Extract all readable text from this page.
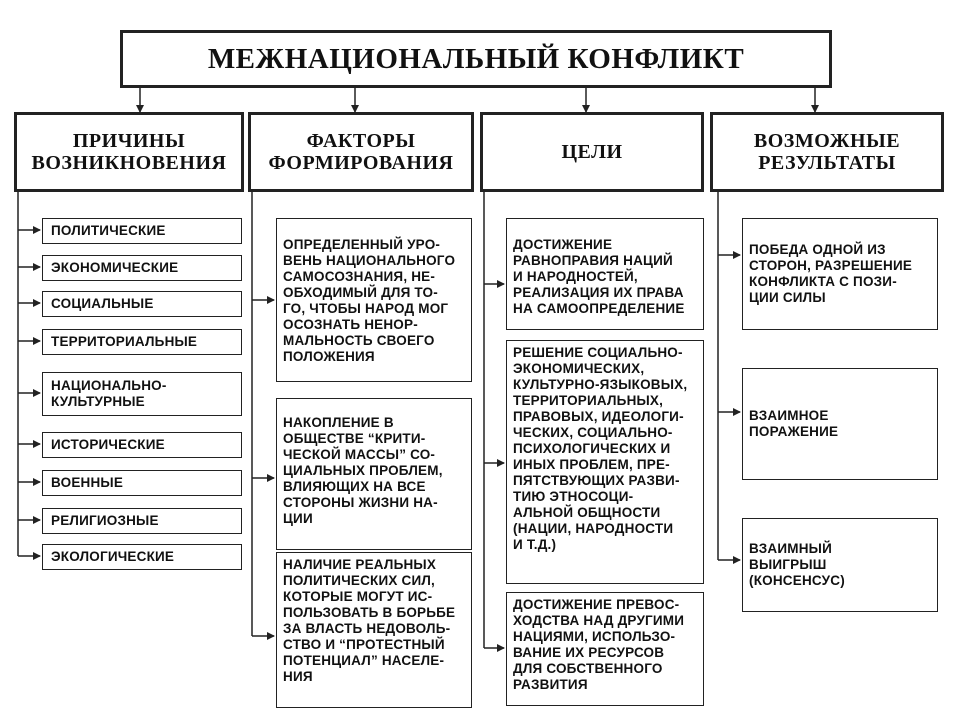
МЕЖНАЦИОНАЛЬНЫЙ КОНФЛИКТ
ПРИЧИНЫ
ВОЗНИКНОВЕНИЯ
ФАКТОРЫ
ФОРМИРОВАНИЯ	ЦЕЛИ	ВОЗМОЖНЫЕ
РЕЗУЛЬТАТЫ
ПОЛИТИЧЕСКИЕ
ЭКОНОМИЧЕСКИЕ
СОЦИАЛЬНЫЕ
ТЕРРИТОРИАЛЬНЫЕ
НАЦИОНАЛЬНО-
КУЛЬТУРНЫЕ
ИСТОРИЧЕСКИЕ
ВОЕННЫЕ
РЕЛИГИОЗНЫЕ
ЭКОЛОГИЧЕСКИЕ
ОПРЕДЕЛЕННЫЙ УРО-
ВЕНЬ НАЦИОНАЛЬНОГО
САМОСОЗНАНИЯ, НЕ-
ОБХОДИМЫЙ ДЛЯ ТО-
ГО, ЧТОБЫ НАРОД МОГ
ОСОЗНАТЬ НЕНОР-
МАЛЬНОСТЬ СВОЕГО
ПОЛОЖЕНИЯ
НАКОПЛЕНИЕ В
ОБЩЕСТВЕ “КРИТИ-
ЧЕСКОЙ МАССЫ” СО-
ЦИАЛЬНЫХ ПРОБЛЕМ,
ВЛИЯЮЩИХ НА ВСЕ
СТОРОНЫ ЖИЗНИ НА-
ЦИИ
НАЛИЧИЕ РЕАЛЬНЫХ
ПОЛИТИЧЕСКИХ СИЛ,
КОТОРЫЕ МОГУТ ИС-
ПОЛЬЗОВАТЬ В БОРЬБЕ
ЗА ВЛАСТЬ НЕДОВОЛЬ-
СТВО И “ПРОТЕСТНЫЙ
ПОТЕНЦИАЛ” НАСЕЛЕ-
НИЯ
ДОСТИЖЕНИЕ
РАВНОПРАВИЯ НАЦИЙ
И НАРОДНОСТЕЙ,
РЕАЛИЗАЦИЯ ИХ ПРАВА
НА САМООПРЕДЕЛЕНИЕ
РЕШЕНИЕ СОЦИАЛЬНО-
ЭКОНОМИЧЕСКИХ,
КУЛЬТУРНО-ЯЗЫКОВЫХ,
ТЕРРИТОРИАЛЬНЫХ,
ПРАВОВЫХ, ИДЕОЛОГИ-
ЧЕСКИХ, СОЦИАЛЬНО-
ПСИХОЛОГИЧЕСКИХ И
ИНЫХ ПРОБЛЕМ, ПРЕ-
ПЯТСТВУЮЩИХ РАЗВИ-
ТИЮ ЭТНОСОЦИ-
АЛЬНОЙ ОБЩНОСТИ
(НАЦИИ, НАРОДНОСТИ
И Т.Д.)
ДОСТИЖЕНИЕ ПРЕВОС-
ХОДСТВА НАД ДРУГИМИ
НАЦИЯМИ, ИСПОЛЬЗО-
ВАНИЕ ИХ РЕСУРСОВ
ДЛЯ СОБСТВЕННОГО
РАЗВИТИЯ
ПОБЕДА ОДНОЙ ИЗ
СТОРОН, РАЗРЕШЕНИЕ
КОНФЛИКТА С ПОЗИ-
ЦИИ СИЛЫ
ВЗАИМНОЕ
ПОРАЖЕНИЕ
ВЗАИМНЫЙ
ВЫИГРЫШ
(КОНСЕНСУС)
